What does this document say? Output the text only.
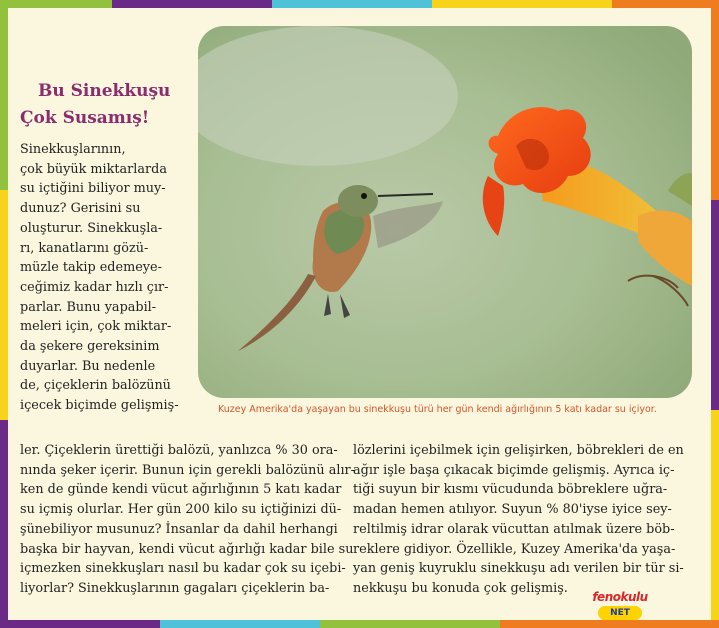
Kuzey Amerika'da yaşayan bu sinekkuşu türü her gün kendi ağırlığının 5 katı kadar su içiyor.
Bu Sinekkuşu
Çok Susamış!
Sinekkuşlarının,
çok büyük miktarlarda
su içtiğini biliyor muy-
dunuz? Gerisini su
oluşturur. Sinekkuşla-
rı, kanatlarını gözü-
müzle takip edemeye-
ceğimiz kadar hızlı çır-
parlar. Bunu yapabil-
meleri için, çok miktar-
da şekere gereksinim
duyarlar. Bu nedenle
de, çiçeklerin balözünü
içecek biçimde gelişmiş-
ler. Çiçeklerin ürettiği balözü, yanlızca % 30 ora-
nında şeker içerir. Bunun için gerekli balözünü alır-
ken de günde kendi vücut ağırlığının 5 katı kadar
su içmiş olurlar. Her gün 200 kilo su içtiğinizi dü-
şünebiliyor musunuz? İnsanlar da dahil herhangi
başka bir hayvan, kendi vücut ağırlığı kadar bile su
içmezken sinekkuşları nasıl bu kadar çok su içebi-
liyorlar? Sinekkuşlarının gagaları çiçeklerin ba-
lözlerini içebilmek için gelişirken, böbrekleri de en
ağır işle başa çıkacak biçimde gelişmiş. Ayrıca iç-
tiği suyun bir kısmı vücudunda böbreklere uğra-
madan hemen atılıyor. Suyun % 80'iyse iyice sey-
reltilmiş idrar olarak vücuttan atılmak üzere böb-
reklere gidiyor. Özellikle, Kuzey Amerika'da yaşa-
yan geniş kuyruklu sinekkuşu adı verilen bir tür si-
nekkuşu bu konuda çok gelişmiş.
fenokulu
NET
